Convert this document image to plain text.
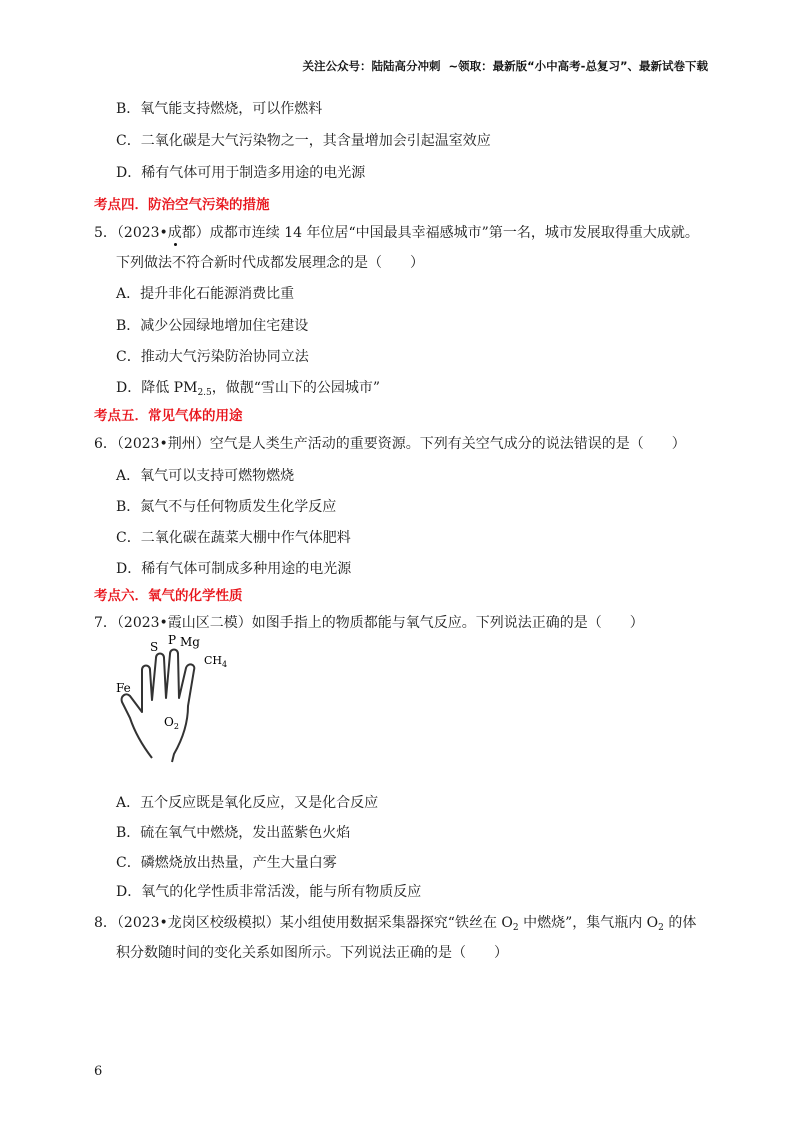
关注公众号：陆陆高分冲刺  ~领取：最新版“小中高考-总复习”、最新试卷下载
B．氧气能支持燃烧，可以作燃料
C．二氧化碳是大气污染物之一，其含量增加会引起温室效应
D．稀有气体可用于制造多用途的电光源
考点四．防治空气污染的措施
5．（2023•成都）成都市连续 14 年位居“中国最具幸福感城市”第一名，城市发展取得重大成就。
下列做法不符合新时代成都发展理念的是（　　）
A．提升非化石能源消费比重
B．减少公园绿地增加住宅建设
C．推动大气污染防治协同立法
D．降低 $PM_{2.5}$，做靓“雪山下的公园城市”
考点五．常见气体的用途
6．（2023•荆州）空气是人类生产活动的重要资源。下列有关空气成分的说法错误的是（　　）
A．氧气可以支持可燃物燃烧
B．氮气不与任何物质发生化学反应
C．二氧化碳在蔬菜大棚中作气体肥料
D．稀有气体可制成多种用途的电光源
考点六．氧气的化学性质
7．（2023•霞山区二模）如图手指上的物质都能与氧气反应。下列说法正确的是（　　）
S P Mg
$CH_4$
Fe
$O_2$
A．五个反应既是氧化反应，又是化合反应
B．硫在氧气中燃烧，发出蓝紫色火焰
C．磷燃烧放出热量，产生大量白雾
D．氧气的化学性质非常活泼，能与所有物质反应
8．（2023•龙岗区校级模拟）某小组使用数据采集器探究“铁丝在 $O_2$ 中燃烧”，集气瓶内 $O_2$ 的体
积分数随时间的变化关系如图所示。下列说法正确的是（　　）
6
